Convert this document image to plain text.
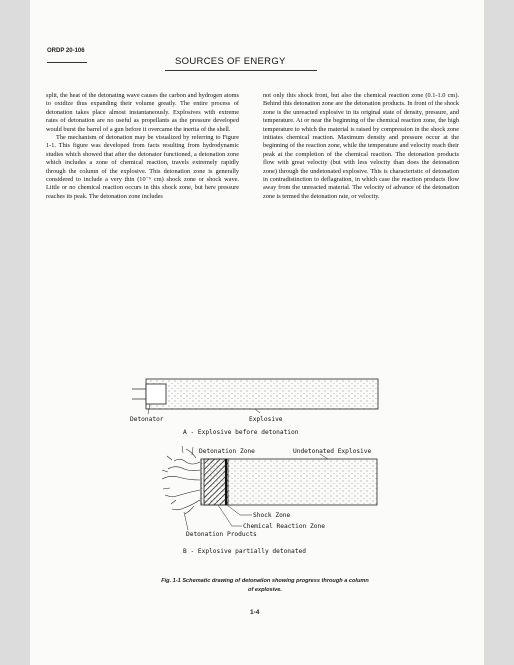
ORDP 20-106
SOURCES OF ENERGY

split, the heat of the detonating wave causes the carbon and hydrogen atoms to oxidize thus expanding their volume greatly. The entire process of detonation takes place almost instantaneously. Explosives with extreme rates of detonation are no useful as propellants as the pressure developed would burst the barrel of a gun before it overcame the inertia of the shell.

The mechanism of detonation may be visualized by referring to Figure 1-1. This figure was developed from facts resulting from hydrodynamic studies which showed that after the detonator functioned, a detonation zone which includes a zone of chemical reaction, travels extremely rapidly through the column of the explosive. This detonation zone is generally considered to include a very thin (10⁻⁶ cm) shock zone or shock wave. Little or no chemical reaction occurs in this shock zone, but here pressure reaches its peak. The detonation zone includes

not only this shock front, but also the chemical reaction zone (0.1-1.0 cm). Behind this detonation zone are the detonation products. In front of the shock zone is the unreacted explosive in its original state of density, pressure, and temperature. At or near the beginning of the chemical reaction zone, the high temperature to which the material is raised by compression in the shock zone initiates chemical reaction. Maximum density and pressure occur at the beginning of the reaction zone, while the temperature and velocity reach their peak at the completion of the chemical reaction. The detonation products flow with great velocity (but with less velocity than does the detonation zone) through the undetonated explosive. This is characteristic of detonation in contradistinction to deflagration, in which case the reaction products flow away from the unreacted material. The velocity of advance of the detonation zone is termed the detonation rate, or velocity.

Detonator	Explosive
A - Explosive before detonation
Detonation Zone	Undetonated Explosive
Shock Zone
Chemical Reaction Zone
Detonation Products
B - Explosive partially detonated
Fig. 1-1 Schematic drawing of detonation showing progress through a column
of explosive.
1-4
